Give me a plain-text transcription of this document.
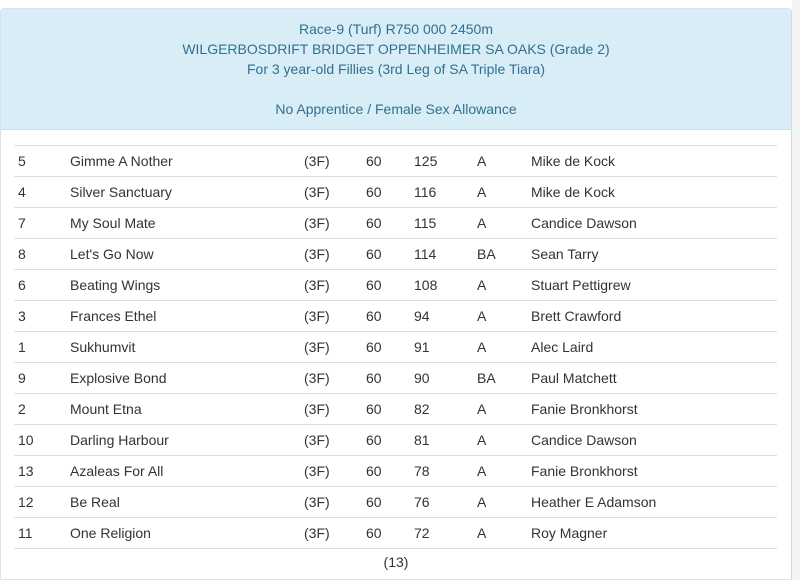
Race-9 (Turf) R750 000 2450m
WILGERBOSDRIFT BRIDGET OPPENHEIMER SA OAKS (Grade 2)
For 3 year-old Fillies (3rd Leg of SA Triple Tiara)
No Apprentice / Female Sex Allowance
5	Gimme A Nother	(3F)	60	125	A	Mike de Kock
4	Silver Sanctuary	(3F)	60	116	A	Mike de Kock
7	My Soul Mate	(3F)	60	115	A	Candice Dawson
8	Let's Go Now	(3F)	60	114	BA	Sean Tarry
6	Beating Wings	(3F)	60	108	A	Stuart Pettigrew
3	Frances Ethel	(3F)	60	94	A	Brett Crawford
1	Sukhumvit	(3F)	60	91	A	Alec Laird
9	Explosive Bond	(3F)	60	90	BA	Paul Matchett
2	Mount Etna	(3F)	60	82	A	Fanie Bronkhorst
10	Darling Harbour	(3F)	60	81	A	Candice Dawson
13	Azaleas For All	(3F)	60	78	A	Fanie Bronkhorst
12	Be Real	(3F)	60	76	A	Heather E Adamson
11	One Religion	(3F)	60	72	A	Roy Magner
(13)
